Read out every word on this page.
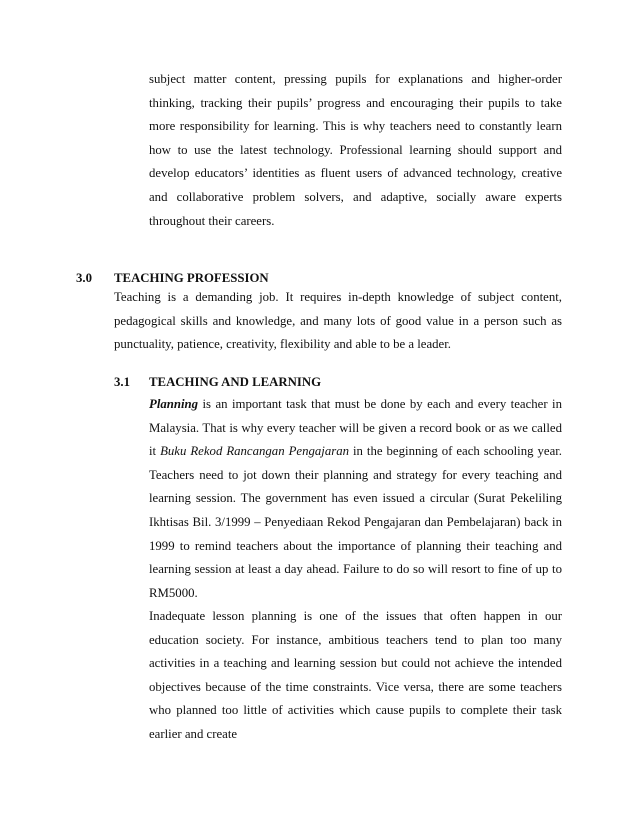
subject matter content, pressing pupils for explanations and higher-order thinking, tracking their pupils’ progress and encouraging their pupils to take more responsibility for learning. This is why teachers need to constantly learn how to use the latest technology. Professional learning should support and develop educators’ identities as fluent users of advanced technology, creative and collaborative problem solvers, and adaptive, socially aware experts throughout their careers.

3.0 TEACHING PROFESSION

Teaching is a demanding job. It requires in-depth knowledge of subject content, pedagogical skills and knowledge, and many lots of good value in a person such as punctuality, patience, creativity, flexibility and able to be a leader.

3.1 TEACHING AND LEARNING

Planning is an important task that must be done by each and every teacher in Malaysia. That is why every teacher will be given a record book or as we called it Buku Rekod Rancangan Pengajaran in the beginning of each schooling year. Teachers need to jot down their planning and strategy for every teaching and learning session. The government has even issued a circular (Surat Pekeliling Ikhtisas Bil. 3/1999 – Penyediaan Rekod Pengajaran dan Pembelajaran) back in 1999 to remind teachers about the importance of planning their teaching and learning session at least a day ahead. Failure to do so will resort to fine of up to RM5000.

Inadequate lesson planning is one of the issues that often happen in our education society. For instance, ambitious teachers tend to plan too many activities in a teaching and learning session but could not achieve the intended objectives because of the time constraints. Vice versa, there are some teachers who planned too little of activities which cause pupils to complete their task earlier and create
